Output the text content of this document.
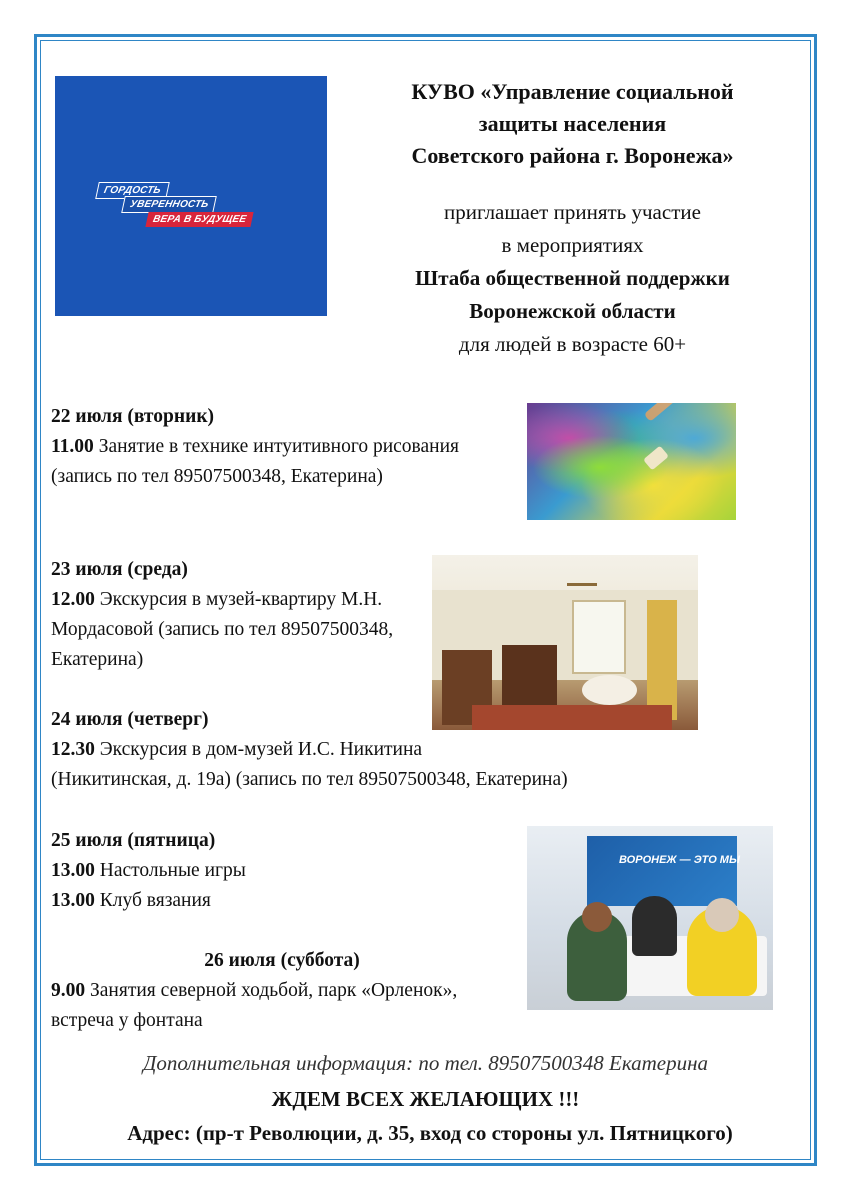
ГОРДОСТЬ
УВЕРЕННОСТЬ
ВЕРА В БУДУЩЕЕ
КУВО «Управление социальной
защиты населения
Советского района г. Воронежа»
приглашает принять участие
в мероприятиях
Штаба общественной поддержки
Воронежской области
для людей в возрасте 60+
22 июля (вторник)
11.00 Занятие в технике интуитивного рисования (запись по тел 89507500348, Екатерина)
23 июля (среда)
12.00 Экскурсия в музей-квартиру М.Н. Мордасовой (запись по тел 89507500348, Екатерина)
24 июля (четверг)
12.30 Экскурсия в дом-музей И.С. Никитина
(Никитинская, д. 19а) (запись по тел 89507500348, Екатерина)
25 июля (пятница)
13.00 Настольные игры
13.00 Клуб вязания
26 июля (суббота)
9.00 Занятия северной ходьбой, парк «Орленок», встреча у фонтана
ВОРОНЕЖ — ЭТО МЫ
Дополнительная информация: по тел. 89507500348 Екатерина
ЖДЕМ ВСЕХ ЖЕЛАЮЩИХ !!!
Адрес: (пр-т Революции, д. 35, вход со стороны ул. Пятницкого)
